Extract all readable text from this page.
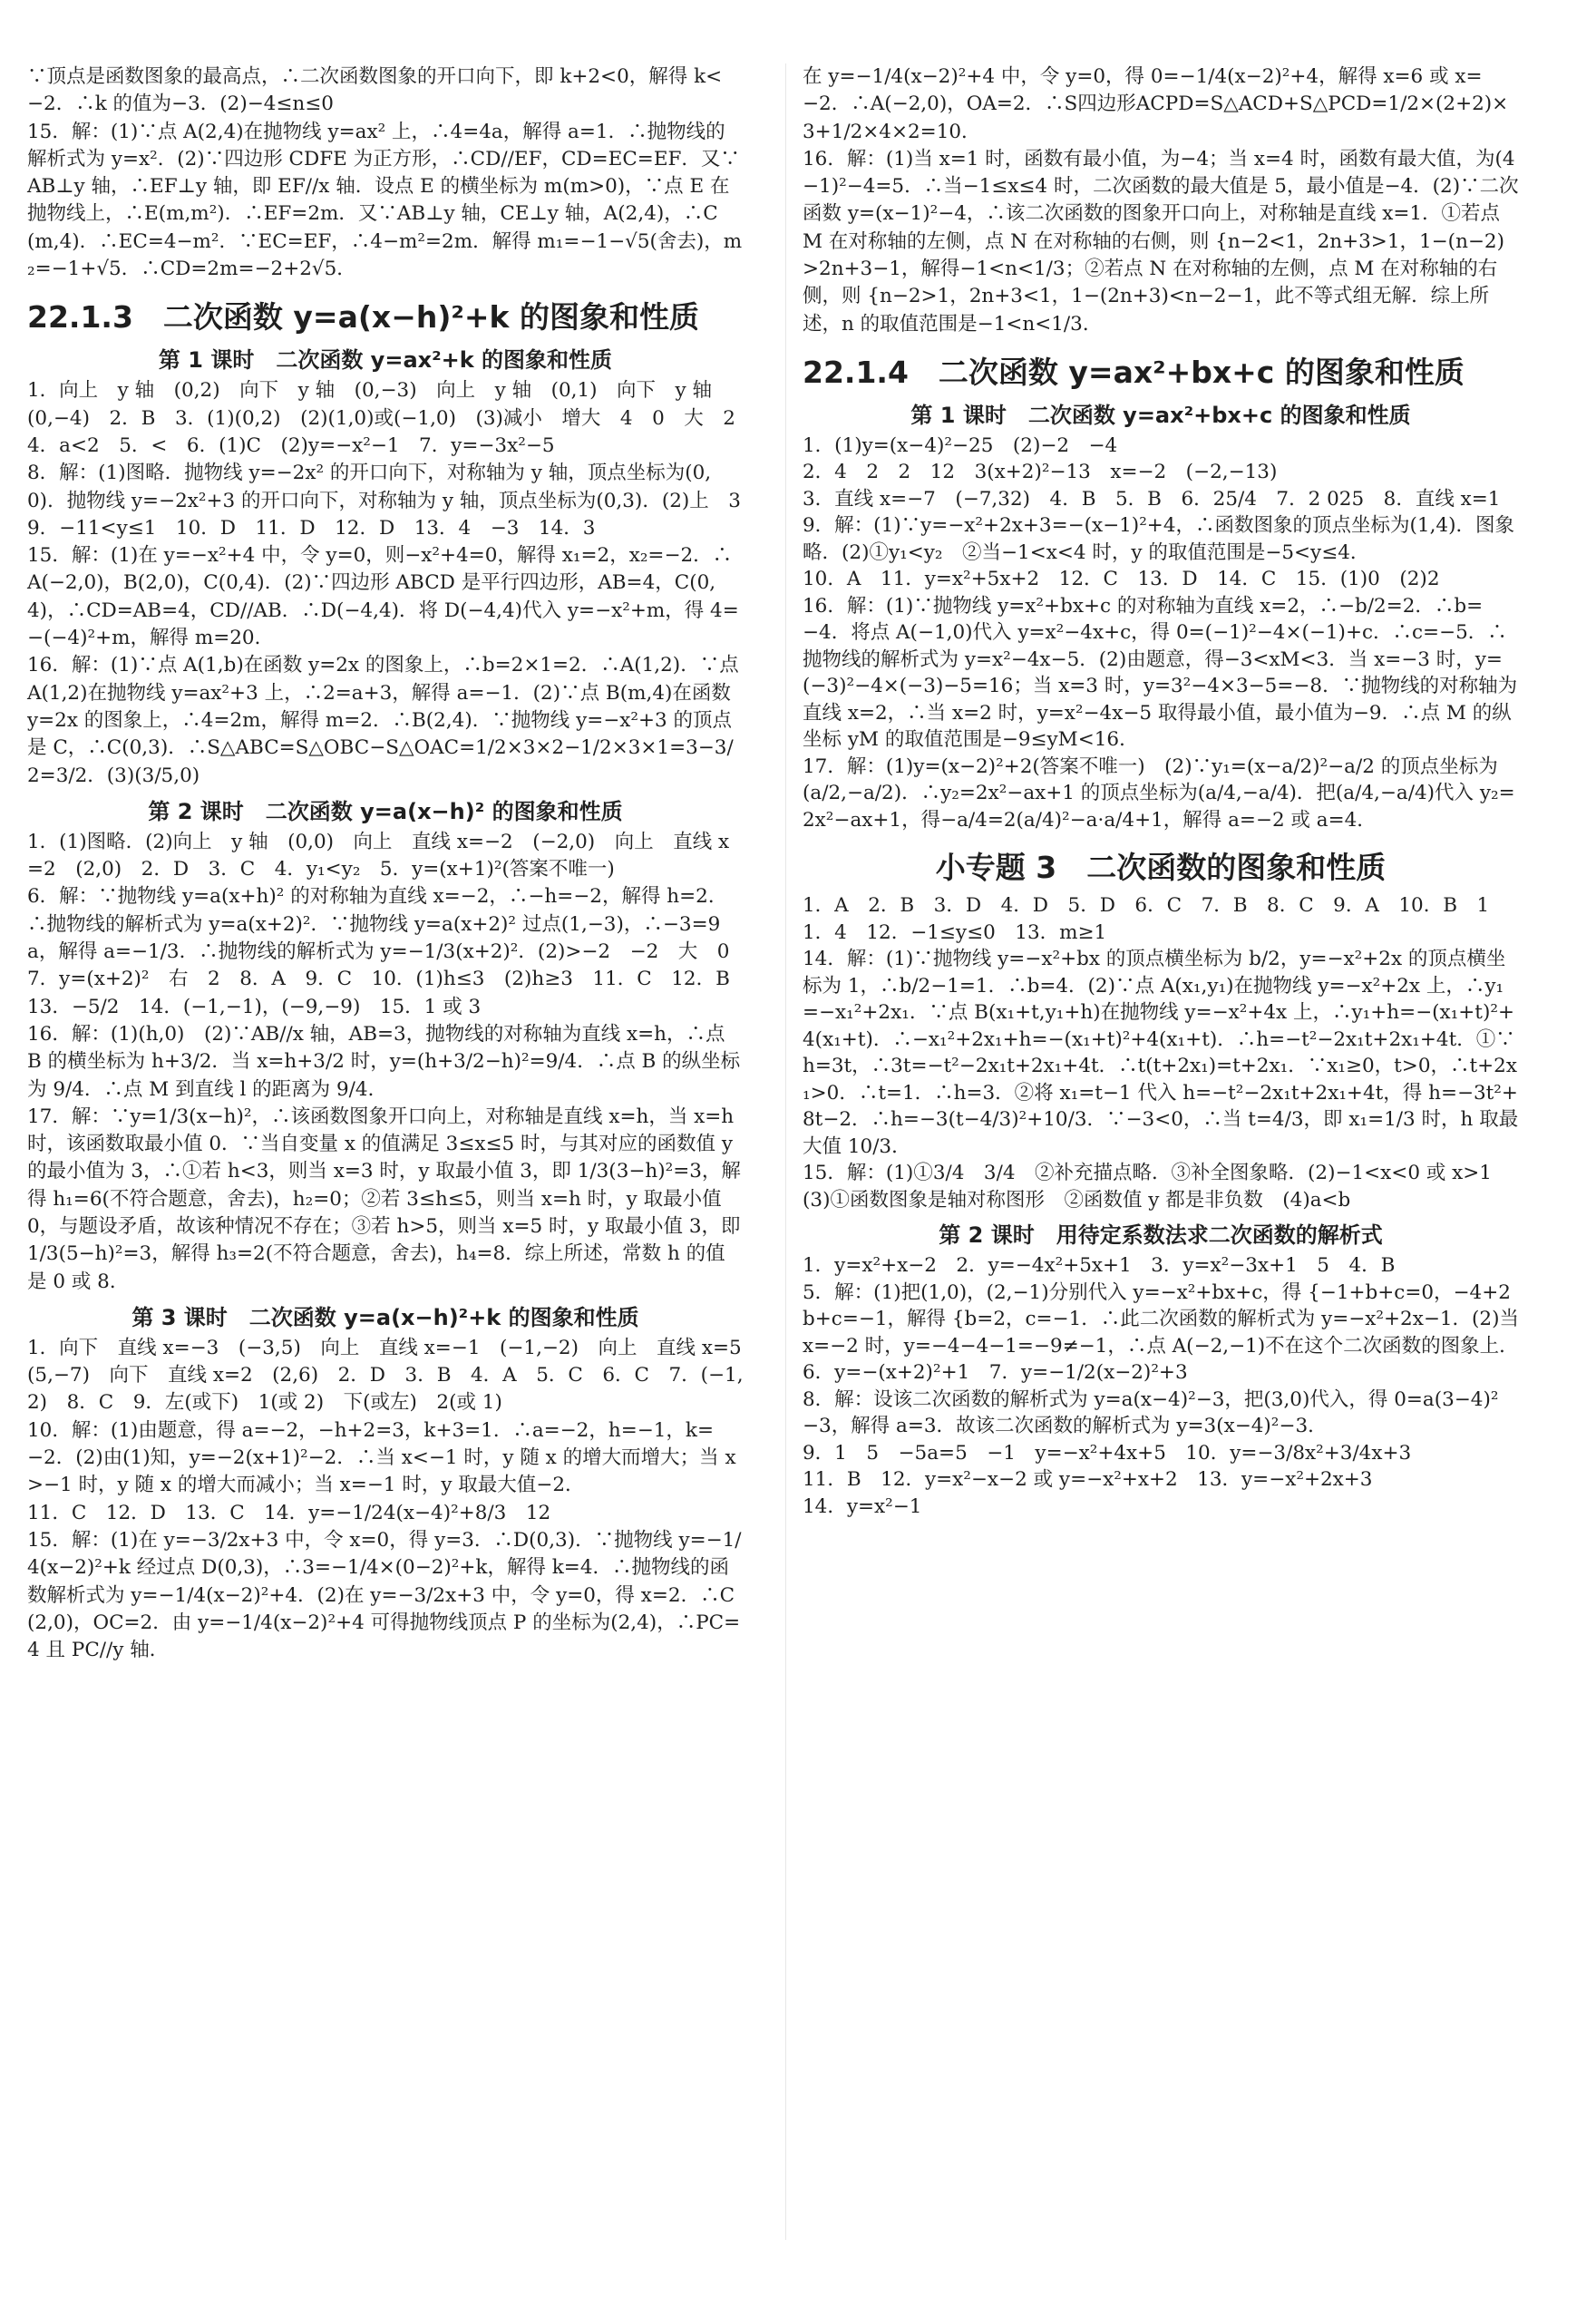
∵顶点是函数图象的最高点，∴二次函数图象的开口向下，即 k+2<0，解得 k<−2．∴k 的值为−3．(2)−4≤n≤0

15．解：(1)∵点 A(2,4)在抛物线 y=ax² 上，∴4=4a，解得 a=1．∴抛物线的解析式为 y=x²．(2)∵四边形 CDFE 为正方形，∴CD//EF，CD=EC=EF．又∵AB⊥y 轴，∴EF⊥y 轴，即 EF//x 轴．设点 E 的横坐标为 m(m>0)，∵点 E 在抛物线上，∴E(m,m²)．∴EF=2m．又∵AB⊥y 轴，CE⊥y 轴，A(2,4)，∴C(m,4)．∴EC=4−m²．∵EC=EF，∴4−m²=2m．解得 m₁=−1−√5(舍去)，m₂=−1+√5．∴CD=2m=−2+2√5．

22.1.3　二次函数 y=a(x−h)²+k 的图象和性质
第 1 课时　二次函数 y=ax²+k 的图象和性质

1．向上　y 轴　(0,2)　向下　y 轴　(0,−3)　向上　y 轴　(0,1)　向下　y 轴　(0,−4)　2．B　3．(1)(0,2)　(2)(1,0)或(−1,0)　(3)减小　增大　4　0　大　2　4．a<2　5．<　6．(1)C　(2)y=−x²−1　7．y=−3x²−5

8．解：(1)图略．抛物线 y=−2x² 的开口向下，对称轴为 y 轴，顶点坐标为(0,0)．抛物线 y=−2x²+3 的开口向下，对称轴为 y 轴，顶点坐标为(0,3)．(2)上　3

9．−11<y≤1　10．D　11．D　12．D　13．4　−3　14．3

15．解：(1)在 y=−x²+4 中，令 y=0，则−x²+4=0，解得 x₁=2，x₂=−2．∴A(−2,0)，B(2,0)，C(0,4)．(2)∵四边形 ABCD 是平行四边形，AB=4，C(0,4)，∴CD=AB=4，CD//AB．∴D(−4,4)．将 D(−4,4)代入 y=−x²+m，得 4=−(−4)²+m，解得 m=20．

16．解：(1)∵点 A(1,b)在函数 y=2x 的图象上，∴b=2×1=2．∴A(1,2)．∵点 A(1,2)在抛物线 y=ax²+3 上，∴2=a+3，解得 a=−1．(2)∵点 B(m,4)在函数 y=2x 的图象上，∴4=2m，解得 m=2．∴B(2,4)．∵抛物线 y=−x²+3 的顶点是 C，∴C(0,3)．∴S△ABC=S△OBC−S△OAC=1/2×3×2−1/2×3×1=3−3/2=3/2．(3)(3/5,0)

第 2 课时　二次函数 y=a(x−h)² 的图象和性质

1．(1)图略．(2)向上　y 轴　(0,0)　向上　直线 x=−2　(−2,0)　向上　直线 x=2　(2,0)　2．D　3．C　4．y₁<y₂　5．y=(x+1)²(答案不唯一)

6．解：∵抛物线 y=a(x+h)² 的对称轴为直线 x=−2，∴−h=−2，解得 h=2．∴抛物线的解析式为 y=a(x+2)²．∵抛物线 y=a(x+2)² 过点(1,−3)，∴−3=9a，解得 a=−1/3．∴抛物线的解析式为 y=−1/3(x+2)²．(2)>−2　−2　大　0

7．y=(x+2)²　右　2　8．A　9．C　10．(1)h≤3　(2)h≥3　11．C　12．B　13．−5/2　14．(−1,−1)，(−9,−9)　15．1 或 3

16．解：(1)(h,0)　(2)∵AB//x 轴，AB=3，抛物线的对称轴为直线 x=h，∴点 B 的横坐标为 h+3/2．当 x=h+3/2 时，y=(h+3/2−h)²=9/4．∴点 B 的纵坐标为 9/4．∴点 M 到直线 l 的距离为 9/4．

17．解：∵y=1/3(x−h)²，∴该函数图象开口向上，对称轴是直线 x=h，当 x=h 时，该函数取最小值 0．∵当自变量 x 的值满足 3≤x≤5 时，与其对应的函数值 y 的最小值为 3，∴①若 h<3，则当 x=3 时，y 取最小值 3，即 1/3(3−h)²=3，解得 h₁=6(不符合题意，舍去)，h₂=0；②若 3≤h≤5，则当 x=h 时，y 取最小值 0，与题设矛盾，故该种情况不存在；③若 h>5，则当 x=5 时，y 取最小值 3，即 1/3(5−h)²=3，解得 h₃=2(不符合题意，舍去)，h₄=8．综上所述，常数 h 的值是 0 或 8．

第 3 课时　二次函数 y=a(x−h)²+k 的图象和性质

1．向下　直线 x=−3　(−3,5)　向上　直线 x=−1　(−1,−2)　向上　直线 x=5　(5,−7)　向下　直线 x=2　(2,6)　2．D　3．B　4．A　5．C　6．C　7．(−1,2)　8．C　9．左(或下)　1(或 2)　下(或左)　2(或 1)

10．解：(1)由题意，得 a=−2，−h+2=3，k+3=1．∴a=−2，h=−1，k=−2．(2)由(1)知，y=−2(x+1)²−2．∴当 x<−1 时，y 随 x 的增大而增大；当 x>−1 时，y 随 x 的增大而减小；当 x=−1 时，y 取最大值−2．

11．C　12．D　13．C　14．y=−1/24(x−4)²+8/3　12

15．解：(1)在 y=−3/2x+3 中，令 x=0，得 y=3．∴D(0,3)．∵抛物线 y=−1/4(x−2)²+k 经过点 D(0,3)，∴3=−1/4×(0−2)²+k，解得 k=4．∴抛物线的函数解析式为 y=−1/4(x−2)²+4．(2)在 y=−3/2x+3 中，令 y=0，得 x=2．∴C(2,0)，OC=2．由 y=−1/4(x−2)²+4 可得抛物线顶点 P 的坐标为(2,4)，∴PC=4 且 PC//y 轴．

在 y=−1/4(x−2)²+4 中，令 y=0，得 0=−1/4(x−2)²+4，解得 x=6 或 x=−2．∴A(−2,0)，OA=2．∴S四边形ACPD=S△ACD+S△PCD=1/2×(2+2)×3+1/2×4×2=10．

16．解：(1)当 x=1 时，函数有最小值，为−4；当 x=4 时，函数有最大值，为(4−1)²−4=5．∴当−1≤x≤4 时，二次函数的最大值是 5，最小值是−4．(2)∵二次函数 y=(x−1)²−4，∴该二次函数的图象开口向上，对称轴是直线 x=1．①若点 M 在对称轴的左侧，点 N 在对称轴的右侧，则 {n−2<1，2n+3>1，1−(n−2)>2n+3−1，解得−1<n<1/3；②若点 N 在对称轴的左侧，点 M 在对称轴的右侧，则 {n−2>1，2n+3<1，1−(2n+3)<n−2−1，此不等式组无解．综上所述，n 的取值范围是−1<n<1/3．

22.1.4　二次函数 y=ax²+bx+c 的图象和性质
第 1 课时　二次函数 y=ax²+bx+c 的图象和性质

1．(1)y=(x−4)²−25　(2)−2　−4

2．4　2　2　12　3(x+2)²−13　x=−2　(−2,−13)

3．直线 x=−7　(−7,32)　4．B　5．B　6．25/4　7．2 025　8．直线 x=1

9．解：(1)∵y=−x²+2x+3=−(x−1)²+4，∴函数图象的顶点坐标为(1,4)．图象略．(2)①y₁<y₂　②当−1<x<4 时，y 的取值范围是−5<y≤4．

10．A　11．y=x²+5x+2　12．C　13．D　14．C　15．(1)0　(2)2

16．解：(1)∵抛物线 y=x²+bx+c 的对称轴为直线 x=2，∴−b/2=2．∴b=−4．将点 A(−1,0)代入 y=x²−4x+c，得 0=(−1)²−4×(−1)+c．∴c=−5．∴抛物线的解析式为 y=x²−4x−5．(2)由题意，得−3<xM<3．当 x=−3 时，y=(−3)²−4×(−3)−5=16；当 x=3 时，y=3²−4×3−5=−8．∵抛物线的对称轴为直线 x=2，∴当 x=2 时，y=x²−4x−5 取得最小值，最小值为−9．∴点 M 的纵坐标 yM 的取值范围是−9≤yM<16．

17．解：(1)y=(x−2)²+2(答案不唯一)　(2)∵y₁=(x−a/2)²−a/2 的顶点坐标为(a/2,−a/2)．∴y₂=2x²−ax+1 的顶点坐标为(a/4,−a/4)．把(a/4,−a/4)代入 y₂=2x²−ax+1，得−a/4=2(a/4)²−a·a/4+1，解得 a=−2 或 a=4．

小专题 3　二次函数的图象和性质

1．A　2．B　3．D　4．D　5．D　6．C　7．B　8．C　9．A　10．B　11．4　12．−1≤y≤0　13．m≥1

14．解：(1)∵抛物线 y=−x²+bx 的顶点横坐标为 b/2，y=−x²+2x 的顶点横坐标为 1，∴b/2−1=1．∴b=4．(2)∵点 A(x₁,y₁)在抛物线 y=−x²+2x 上，∴y₁=−x₁²+2x₁．∵点 B(x₁+t,y₁+h)在抛物线 y=−x²+4x 上，∴y₁+h=−(x₁+t)²+4(x₁+t)．∴−x₁²+2x₁+h=−(x₁+t)²+4(x₁+t)．∴h=−t²−2x₁t+2x₁+4t．①∵h=3t，∴3t=−t²−2x₁t+2x₁+4t．∴t(t+2x₁)=t+2x₁．∵x₁≥0，t>0，∴t+2x₁>0．∴t=1．∴h=3．②将 x₁=t−1 代入 h=−t²−2x₁t+2x₁+4t，得 h=−3t²+8t−2．∴h=−3(t−4/3)²+10/3．∵−3<0，∴当 t=4/3，即 x₁=1/3 时，h 取最大值 10/3．

15．解：(1)①3/4　3/4　②补充描点略．③补全图象略．(2)−1<x<0 或 x>1　(3)①函数图象是轴对称图形　②函数值 y 都是非负数　(4)a<b

第 2 课时　用待定系数法求二次函数的解析式

1．y=x²+x−2　2．y=−4x²+5x+1　3．y=x²−3x+1　5　4．B

5．解：(1)把(1,0)，(2,−1)分别代入 y=−x²+bx+c，得 {−1+b+c=0，−4+2b+c=−1，解得 {b=2，c=−1．∴此二次函数的解析式为 y=−x²+2x−1．(2)当 x=−2 时，y=−4−4−1=−9≠−1，∴点 A(−2,−1)不在这个二次函数的图象上．

6．y=−(x+2)²+1　7．y=−1/2(x−2)²+3

8．解：设该二次函数的解析式为 y=a(x−4)²−3，把(3,0)代入，得 0=a(3−4)²−3，解得 a=3．故该二次函数的解析式为 y=3(x−4)²−3．

9．1　5　−5a=5　−1　y=−x²+4x+5　10．y=−3/8x²+3/4x+3

11．B　12．y=x²−x−2 或 y=−x²+x+2　13．y=−x²+2x+3

14．y=x²−1
